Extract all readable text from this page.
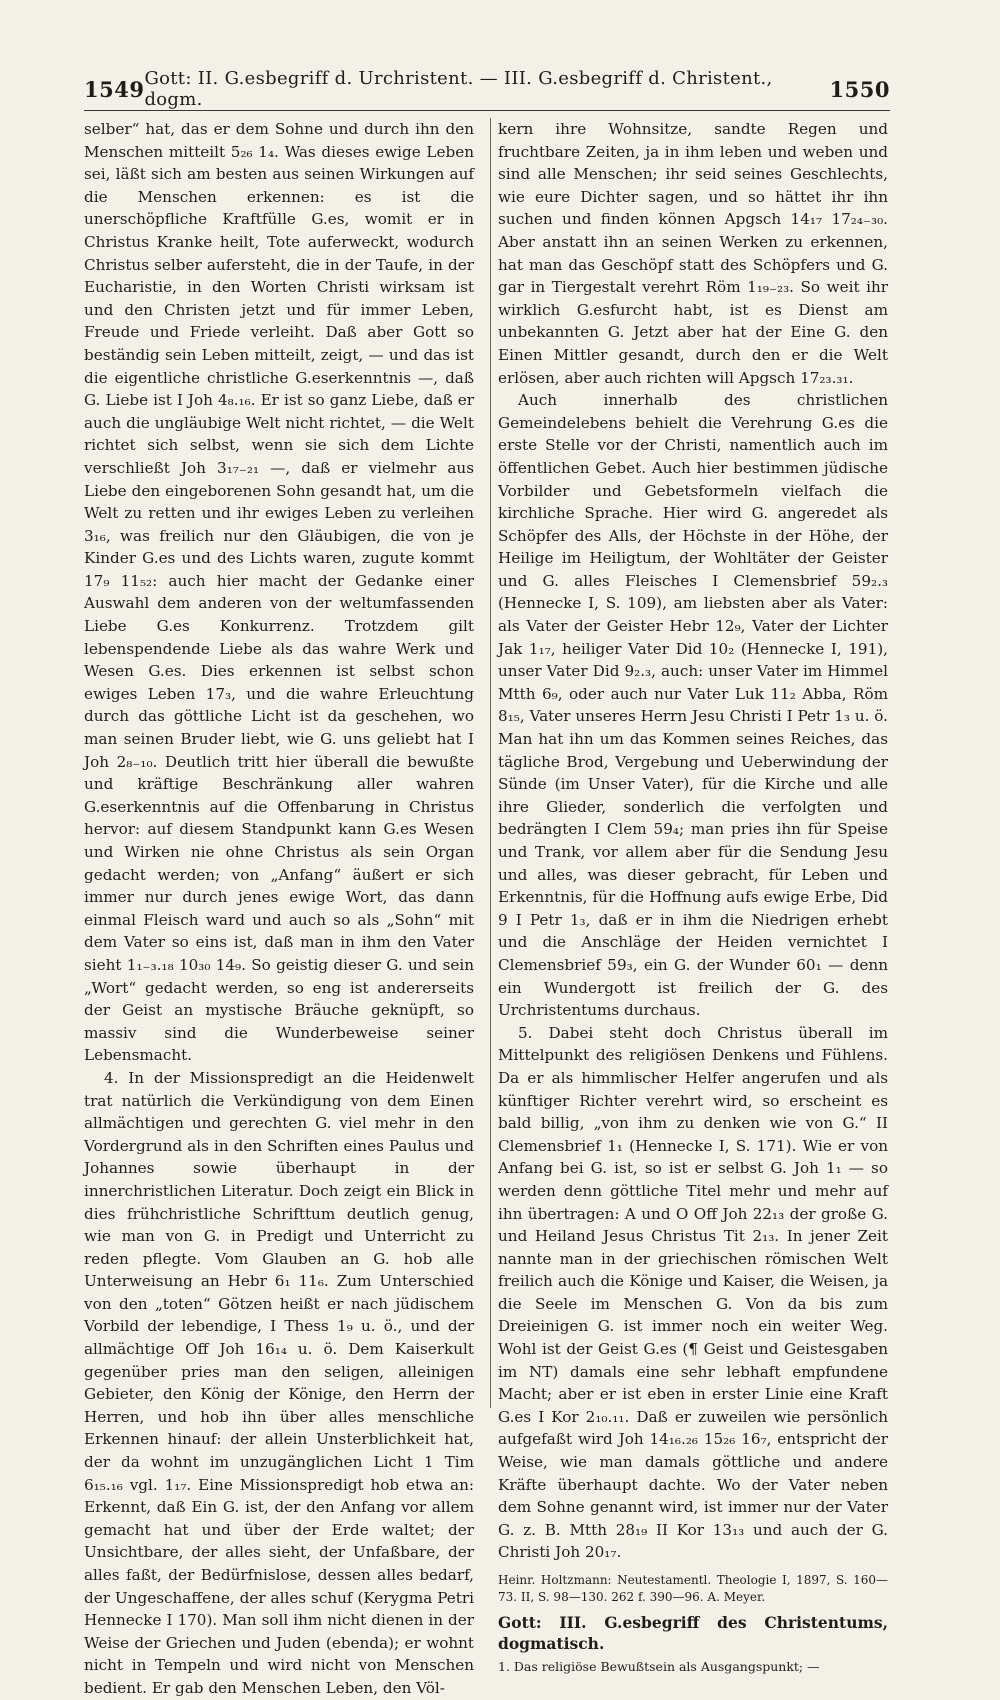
1549 Gott: II. G.esbegriff d. Urchristent. — III. G.esbegriff d. Christent., dogm.	1550

selber“ hat, das er dem Sohne und durch ihn den Menschen mitteilt 5₂₆ 1₄. Was dieses ewige Leben sei, läßt sich am besten aus seinen Wirkungen auf die Menschen erkennen: es ist die unerschöpfliche Kraftfülle G.es, womit er in Christus Kranke heilt, Tote auferweckt, wodurch Christus selber aufersteht, die in der Taufe, in der Eucharistie, in den Worten Christi wirksam ist und den Christen jetzt und für immer Leben, Freude und Friede verleiht. Daß aber Gott so beständig sein Leben mitteilt, zeigt, — und das ist die eigentliche christliche G.eserkenntnis —, daß G. Liebe ist I Joh 4₈.₁₆. Er ist so ganz Liebe, daß er auch die ungläubige Welt nicht richtet, — die Welt richtet sich selbst, wenn sie sich dem Lichte verschließt Joh 3₁₇₋₂₁ —, daß er vielmehr aus Liebe den eingeborenen Sohn gesandt hat, um die Welt zu retten und ihr ewiges Leben zu verleihen 3₁₆, was freilich nur den Gläubigen, die von je Kinder G.es und des Lichts waren, zugute kommt 17₉ 11₅₂: auch hier macht der Gedanke einer Auswahl dem anderen von der weltumfassenden Liebe G.es Konkurrenz. Trotzdem gilt lebenspendende Liebe als das wahre Werk und Wesen G.es. Dies erkennen ist selbst schon ewiges Leben 17₃, und die wahre Erleuchtung durch das göttliche Licht ist da geschehen, wo man seinen Bruder liebt, wie G. uns geliebt hat I Joh 2₈₋₁₀. Deutlich tritt hier überall die bewußte und kräftige Beschränkung aller wahren G.eserkenntnis auf die Offenbarung in Christus hervor: auf diesem Standpunkt kann G.es Wesen und Wirken nie ohne Christus als sein Organ gedacht werden; von „Anfang“ äußert er sich immer nur durch jenes ewige Wort, das dann einmal Fleisch ward und auch so als „Sohn“ mit dem Vater so eins ist, daß man in ihm den Vater sieht 1₁₋₃.₁₈ 10₃₀ 14₉. So geistig dieser G. und sein „Wort“ gedacht werden, so eng ist andererseits der Geist an mystische Bräuche geknüpft, so massiv sind die Wunderbeweise seiner Lebensmacht.

4. In der Missionspredigt an die Heidenwelt trat natürlich die Verkündigung von dem Einen allmächtigen und gerechten G. viel mehr in den Vordergrund als in den Schriften eines Paulus und Johannes sowie überhaupt in der innerchristlichen Literatur. Doch zeigt ein Blick in dies frühchristliche Schrifttum deutlich genug, wie man von G. in Predigt und Unterricht zu reden pflegte. Vom Glauben an G. hob alle Unterweisung an Hebr 6₁ 11₆. Zum Unterschied von den „toten“ Götzen heißt er nach jüdischem Vorbild der lebendige, I Thess 1₉ u. ö., und der allmächtige Off Joh 16₁₄ u. ö. Dem Kaiserkult gegenüber pries man den seligen, alleinigen Gebieter, den König der Könige, den Herrn der Herren, und hob ihn über alles menschliche Erkennen hinauf: der allein Unsterblichkeit hat, der da wohnt im unzugänglichen Licht 1 Tim 6₁₅.₁₆ vgl. 1₁₇. Eine Missionspredigt hob etwa an: Erkennt, daß Ein G. ist, der den Anfang vor allem gemacht hat und über der Erde waltet; der Unsichtbare, der alles sieht, der Unfaßbare, der alles faßt, der Bedürfnislose, dessen alles bedarf, der Ungeschaffene, der alles schuf (Kerygma Petri Hennecke I 170). Man soll ihm nicht dienen in der Weise der Griechen und Juden (ebenda); er wohnt nicht in Tempeln und wird nicht von Menschen bedient. Er gab den Menschen Leben, den Völ-

kern ihre Wohnsitze, sandte Regen und fruchtbare Zeiten, ja in ihm leben und weben und sind alle Menschen; ihr seid seines Geschlechts, wie eure Dichter sagen, und so hättet ihr ihn suchen und finden können Apgsch 14₁₇ 17₂₄₋₃₀. Aber anstatt ihn an seinen Werken zu erkennen, hat man das Geschöpf statt des Schöpfers und G. gar in Tiergestalt verehrt Röm 1₁₉₋₂₃. So weit ihr wirklich G.esfurcht habt, ist es Dienst am unbekannten G. Jetzt aber hat der Eine G. den Einen Mittler gesandt, durch den er die Welt erlösen, aber auch richten will Apgsch 17₂₃.₃₁.

Auch innerhalb des christlichen Gemeindelebens behielt die Verehrung G.es die erste Stelle vor der Christi, namentlich auch im öffentlichen Gebet. Auch hier bestimmen jüdische Vorbilder und Gebetsformeln vielfach die kirchliche Sprache. Hier wird G. angeredet als Schöpfer des Alls, der Höchste in der Höhe, der Heilige im Heiligtum, der Wohltäter der Geister und G. alles Fleisches I Clemensbrief 59₂.₃ (Hennecke I, S. 109), am liebsten aber als Vater: als Vater der Geister Hebr 12₉, Vater der Lichter Jak 1₁₇, heiliger Vater Did 10₂ (Hennecke I, 191), unser Vater Did 9₂.₃, auch: unser Vater im Himmel Mtth 6₉, oder auch nur Vater Luk 11₂ Abba, Röm 8₁₅, Vater unseres Herrn Jesu Christi I Petr 1₃ u. ö. Man hat ihn um das Kommen seines Reiches, das tägliche Brod, Vergebung und Ueberwindung der Sünde (im Unser Vater), für die Kirche und alle ihre Glieder, sonderlich die verfolgten und bedrängten I Clem 59₄; man pries ihn für Speise und Trank, vor allem aber für die Sendung Jesu und alles, was dieser gebracht, für Leben und Erkenntnis, für die Hoffnung aufs ewige Erbe, Did 9 I Petr 1₃, daß er in ihm die Niedrigen erhebt und die Anschläge der Heiden vernichtet I Clemensbrief 59₃, ein G. der Wunder 60₁ — denn ein Wundergott ist freilich der G. des Urchristentums durchaus.

5. Dabei steht doch Christus überall im Mittelpunkt des religiösen Denkens und Fühlens. Da er als himmlischer Helfer angerufen und als künftiger Richter verehrt wird, so erscheint es bald billig, „von ihm zu denken wie von G.“ II Clemensbrief 1₁ (Hennecke I, S. 171). Wie er von Anfang bei G. ist, so ist er selbst G. Joh 1₁ — so werden denn göttliche Titel mehr und mehr auf ihn übertragen: A und O Off Joh 22₁₃ der große G. und Heiland Jesus Christus Tit 2₁₃. In jener Zeit nannte man in der griechischen römischen Welt freilich auch die Könige und Kaiser, die Weisen, ja die Seele im Menschen G. Von da bis zum Dreieinigen G. ist immer noch ein weiter Weg. Wohl ist der Geist G.es (¶ Geist und Geistesgaben im NT) damals eine sehr lebhaft empfundene Macht; aber er ist eben in erster Linie eine Kraft G.es I Kor 2₁₀.₁₁. Daß er zuweilen wie persönlich aufgefaßt wird Joh 14₁₆.₂₆ 15₂₆ 16₇, entspricht der Weise, wie man damals göttliche und andere Kräfte überhaupt dachte. Wo der Vater neben dem Sohne genannt wird, ist immer nur der Vater G. z. B. Mtth 28₁₉ II Kor 13₁₃ und auch der G. Christi Joh 20₁₇.

Heinr. Holtzmann: Neutestamentl. Theologie I, 1897, S. 160—73. II, S. 98—130. 262 f. 390—96. A. Meyer.
Gott: III. G.esbegriff des Christentums, dogmatisch.
1. Das religiöse Bewußtsein als Ausgangspunkt; —
